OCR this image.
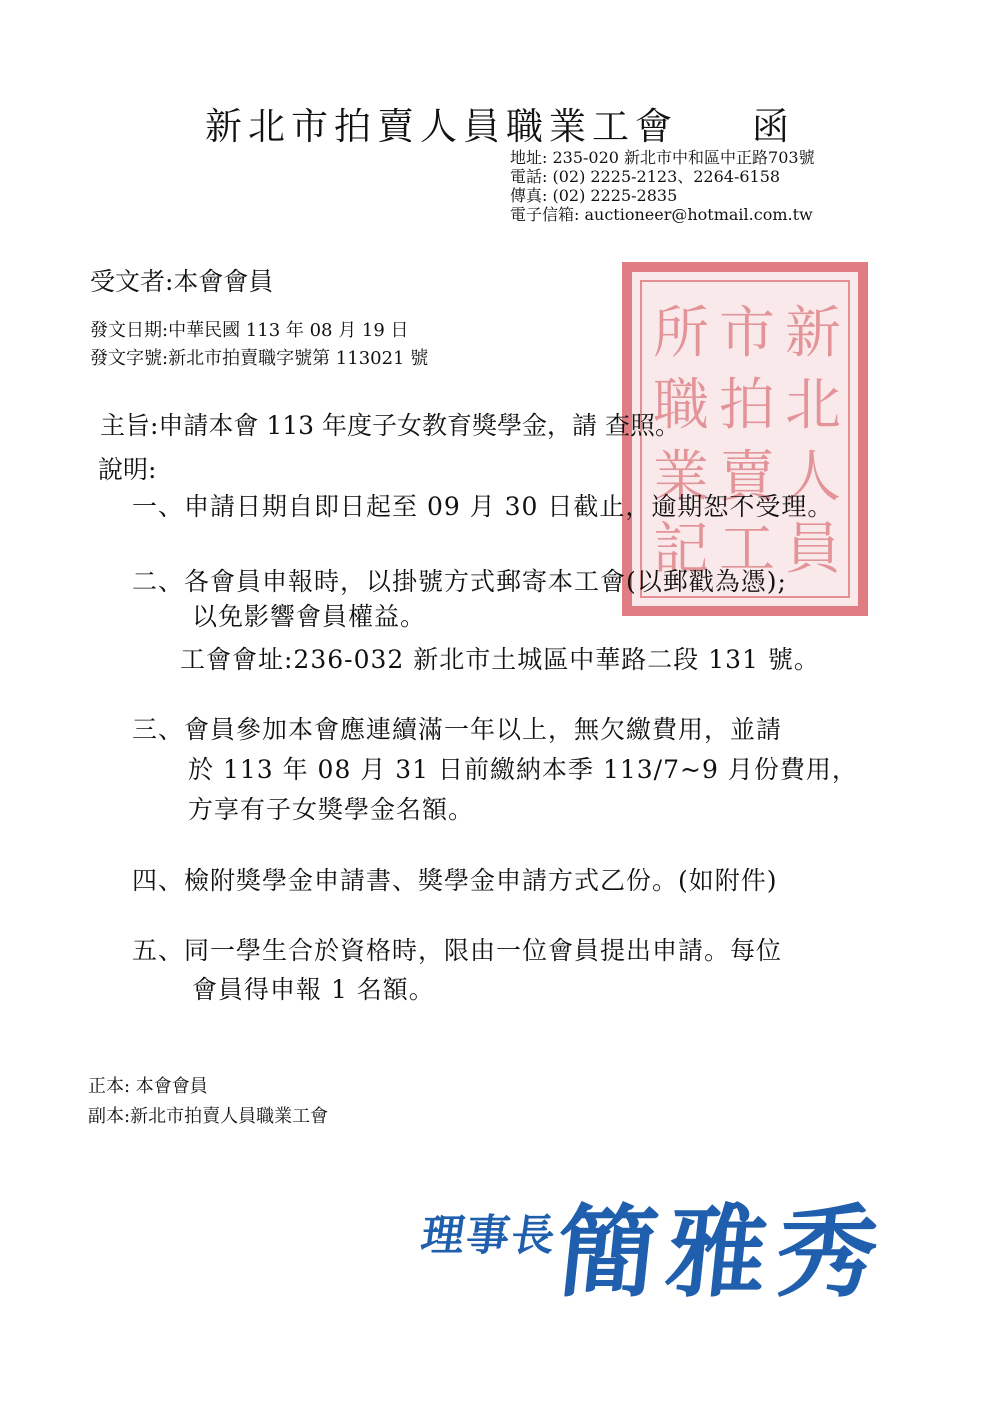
新北市拍賣人員職業工會 函
地址: 235-020 新北市中和區中正路703號
電話: (02) 2225-2123、2264-6158
傳真: (02) 2225-2835
電子信箱: auctioneer@hotmail.com.tw
所 市 新
職 拍 北
業 賣 人
記 工 員
受文者:本會會員
發文日期:中華民國 113 年 08 月 19 日
發文字號:新北市拍賣職字號第 113021 號
主旨:申請本會 113 年度子女教育獎學金，請 查照。
說明:
一、申請日期自即日起至 09 月 30 日截止，逾期恕不受理。
二、各會員申報時，以掛號方式郵寄本工會(以郵戳為憑);
以免影響會員權益。
工會會址:236-032 新北市土城區中華路二段 131 號。
三、會員參加本會應連續滿一年以上，無欠繳費用，並請
於 113 年 08 月 31 日前繳納本季 113/7~9 月份費用，
方享有子女獎學金名額。
四、檢附獎學金申請書、獎學金申請方式乙份。(如附件)
五、同一學生合於資格時，限由一位會員提出申請。每位
會員得申報 1 名額。
正本: 本會會員
副本:新北市拍賣人員職業工會
理事長
簡雅秀
